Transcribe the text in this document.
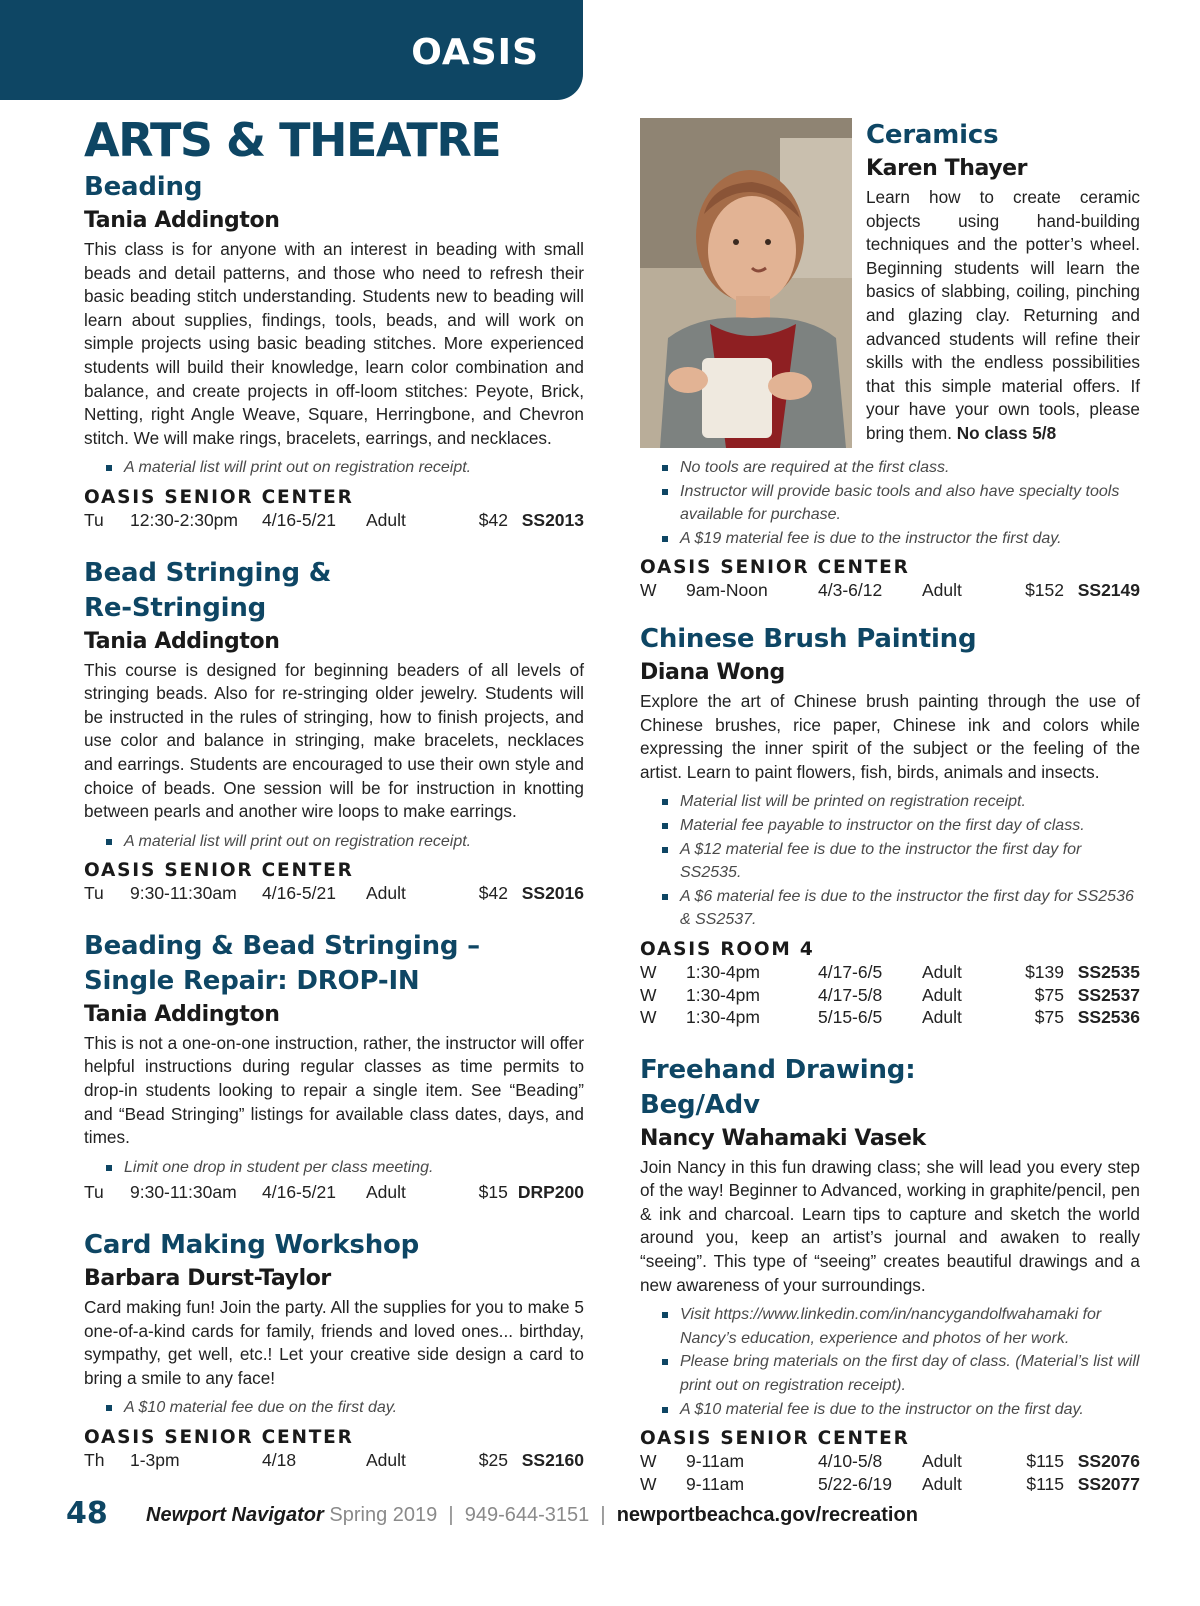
OASIS
ARTS & THEATRE
Beading
Tania Addington

This class is for anyone with an interest in beading with small beads and detail patterns, and those who need to refresh their basic beading stitch understanding. Students new to beading will learn about supplies, findings, tools, beads, and will work on simple projects using basic beading stitches. More experienced students will build their knowledge, learn color combination and balance, and create projects in off-loom stitches: Peyote, Brick, Netting, right Angle Weave, Square, Herringbone, and Chevron stitch. We will make rings, bracelets, earrings, and necklaces.

A material list will print out on registration receipt.
OASIS SENIOR CENTER
Tu	12:30-2:30pm	4/16-5/21	Adult	$42	SS2013
Bead Stringing &
Re-Stringing
Tania Addington

This course is designed for beginning beaders of all levels of stringing beads. Also for re-stringing older jewelry. Students will be instructed in the rules of stringing, how to finish projects, and use color and balance in stringing, make bracelets, necklaces and earrings. Students are encouraged to use their own style and choice of beads. One session will be for instruction in knotting between pearls and another wire loops to make earrings.

A material list will print out on registration receipt.
OASIS SENIOR CENTER
Tu	9:30-11:30am	4/16-5/21	Adult	$42	SS2016
Beading & Bead Stringing –
Single Repair: DROP-IN
Tania Addington

This is not a one-on-one instruction, rather, the instructor will offer helpful instructions during regular classes as time permits to drop-in students looking to repair a single item. See “Beading” and “Bead Stringing” listings for available class dates, days, and times.

Limit one drop in student per class meeting.
Tu	9:30-11:30am	4/16-5/21	Adult	$15	DRP200
Card Making Workshop
Barbara Durst-Taylor

Card making fun! Join the party. All the supplies for you to make 5 one-of-a-kind cards for family, friends and loved ones... birthday, sympathy, get well, etc.! Let your creative side design a card to bring a smile to any face!

A $10 material fee due on the first day.
OASIS SENIOR CENTER
Th	1-3pm	4/18	Adult	$25	SS2160
Ceramics
Karen Thayer

Learn how to create ceramic objects using hand-building techniques and the potter’s wheel. Beginning students will learn the basics of slabbing, coiling, pinching and glazing clay. Returning and advanced students will refine their skills with the endless possibilities that this simple material offers. If your have your own tools, please bring them. No class 5/8

No tools are required at the first class.
Instructor will provide basic tools and also have specialty tools available for purchase.
A $19 material fee is due to the instructor the first day.
OASIS SENIOR CENTER
W	9am-Noon	4/3-6/12	Adult	$152	SS2149
Chinese Brush Painting
Diana Wong

Explore the art of Chinese brush painting through the use of Chinese brushes, rice paper, Chinese ink and colors while expressing the inner spirit of the subject or the feeling of the artist. Learn to paint flowers, fish, birds, animals and insects.

Material list will be printed on registration receipt.
Material fee payable to instructor on the first day of class.
A $12 material fee is due to the instructor the first day for SS2535.
A $6 material fee is due to the instructor the first day for SS2536 & SS2537.
OASIS ROOM 4
W	1:30-4pm	4/17-6/5	Adult	$139	SS2535
W	1:30-4pm	4/17-5/8	Adult	$75	SS2537
W	1:30-4pm	5/15-6/5	Adult	$75	SS2536
Freehand Drawing:
Beg/Adv
Nancy Wahamaki Vasek

Join Nancy in this fun drawing class; she will lead you every step of the way! Beginner to Advanced, working in graphite/pencil, pen & ink and charcoal. Learn tips to capture and sketch the world around you, keep an artist’s journal and awaken to really “seeing”. This type of “seeing” creates beautiful drawings and a new awareness of your surroundings.

Visit https://www.linkedin.com/in/nancygandolfwahamaki for Nancy’s education, experience and photos of her work.
Please bring materials on the first day of class. (Material’s list will print out on registration receipt).
A $10 material fee is due to the instructor on the first day.
OASIS SENIOR CENTER
W	9-11am	4/10-5/8	Adult	$115	SS2076
W	9-11am	5/22-6/19	Adult	$115	SS2077
48 Newport Navigator Spring 2019 | 949-644-3151 | newportbeachca.gov/recreation
